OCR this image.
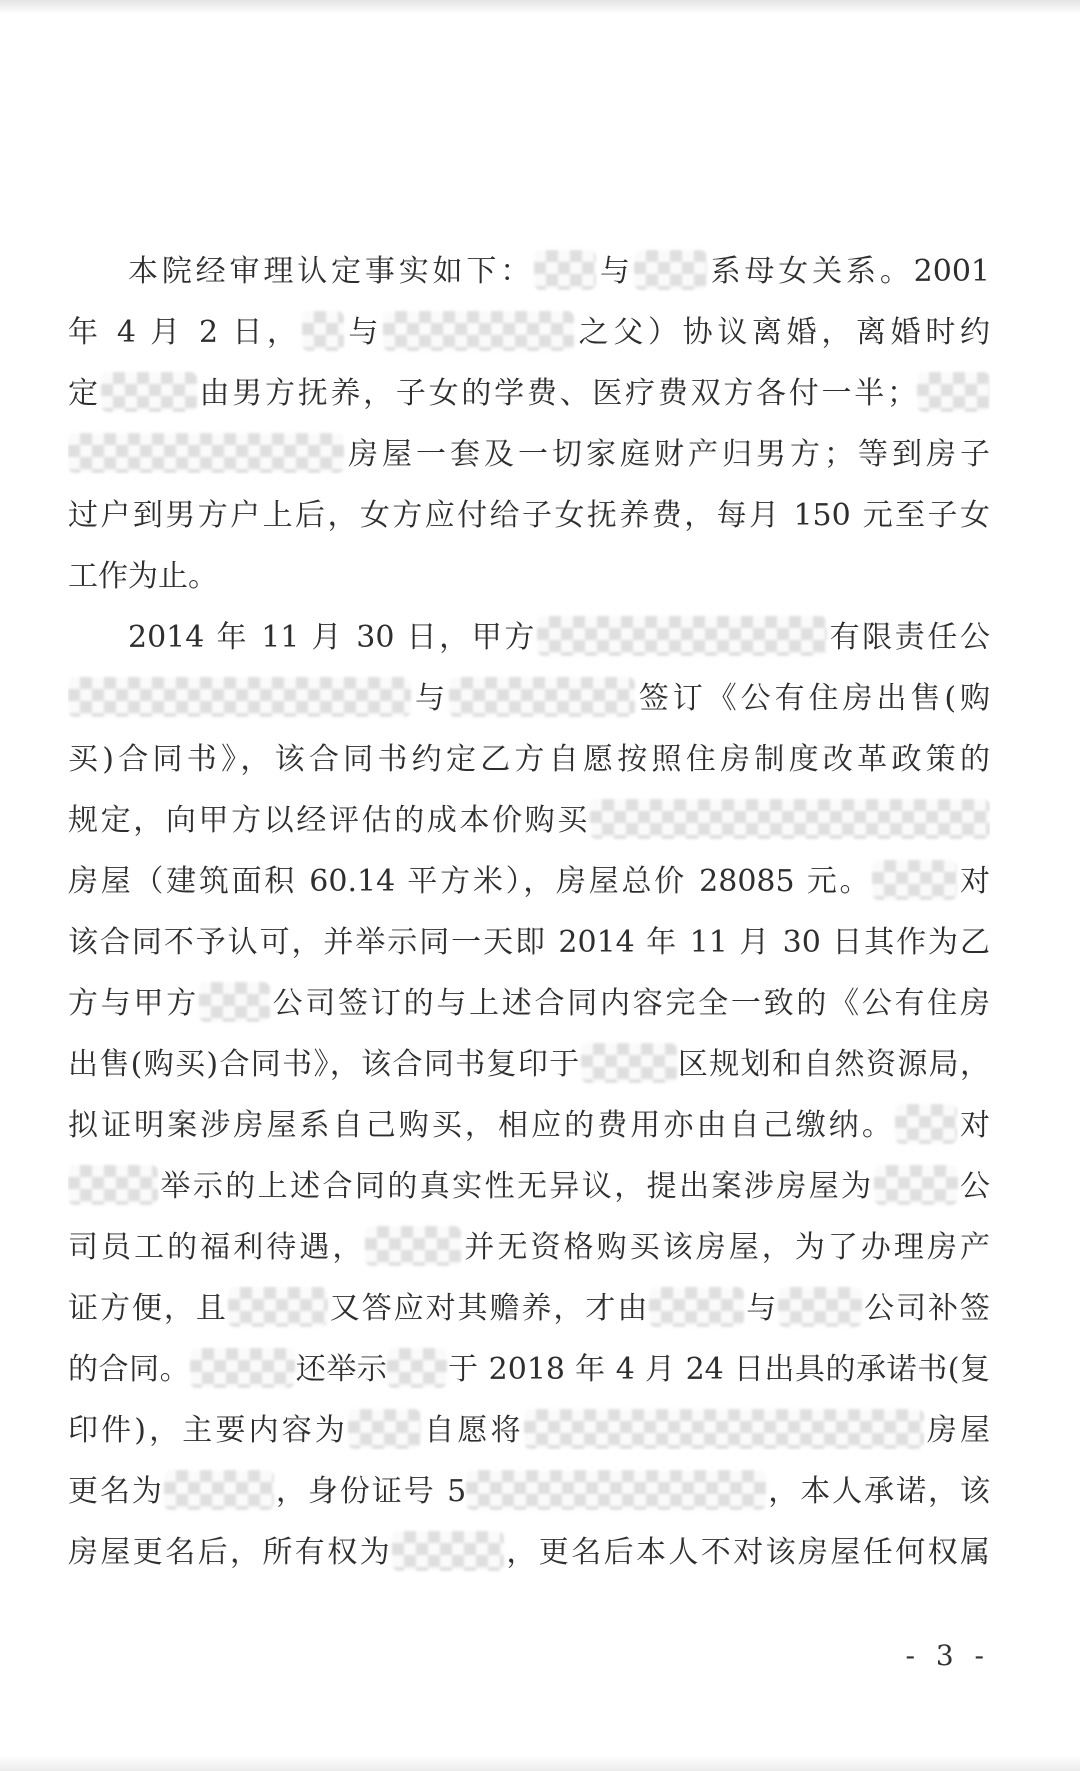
本院经审理认定事实如下： 与 系母女关系。2001
年 4 月 2 日， 与	之父）协议离婚，离婚时约
定	由男方抚养，子女的学费、医疗费双方各付一半；
房屋一套及一切家庭财产归男方；等到房子
过户到男方户上后，女方应付给子女抚养费，每月 150 元至子女
工作为止。
2014 年 11 月 30 日，甲方	有限责任公
与	签订《公有住房出售(购
买)合同书》，该合同书约定乙方自愿按照住房制度改革政策的
规定，向甲方以经评估的成本价购买
房屋（建筑面积 60.14 平方米），房屋总价 28085 元。	对
该合同不予认可，并举示同一天即 2014 年 11 月 30 日其作为乙
方与甲方 公司签订的与上述合同内容完全一致的《公有住房
出售(购买)合同书》，该合同书复印于	区规划和自然资源局，
拟证明案涉房屋系自己购买，相应的费用亦由自己缴纳。 对
举示的上述合同的真实性无异议，提出案涉房屋为	公
司员工的福利待遇，	并无资格购买该房屋，为了办理房产
证方便，且	又答应对其赡养，才由	与	公司补签
的合同。	还举示 于 2018 年 4 月 24 日出具的承诺书(复
印件)，主要内容为 自愿将	房屋
更名为	，身份证号 5	，本人承诺，该
房屋更名后，所有权为	，更名后本人不对该房屋任何权属
- 3 -
